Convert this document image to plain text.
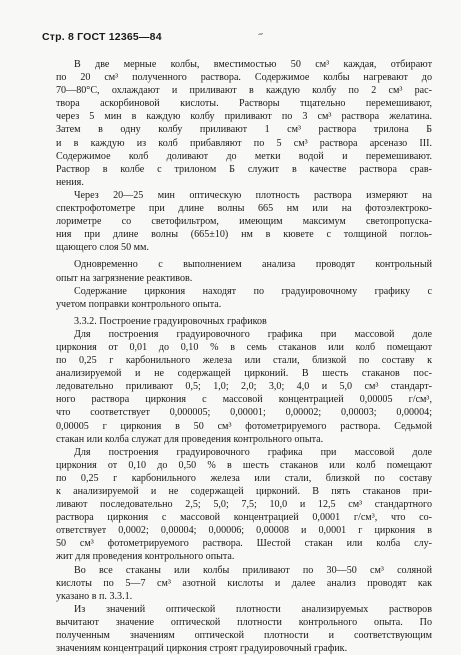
Стр. 8 ГОСТ 12365—84	~
В две мерные колбы, вместимостью 50 см³ каждая, отбирают
по 20 см³ полученного раствора. Содержимое колбы нагревают до
70—80°С, охлаждают и приливают в каждую колбу по 2 см³ рас-
твора аскорбиновой кислоты. Растворы тщательно перемешивают,
через 5 мин в каждую колбу приливают по 3 см³ раствора желатина.
Затем в одну колбу приливают 1 см³ раствора трилона Б
и в каждую из колб прибавляют по 5 см³ раствора арсеназо III.
Содержимое колб доливают до метки водой и перемешивают.
Раствор в колбе с трилоном Б служит в качестве раствора срав-
нения.
Через 20—25 мин оптическую плотность раствора измеряют на
спектрофотометре при длине волны 665 нм или на фотоэлектроко-
лориметре со светофильтром, имеющим максимум светопропуска-
ния при длине волны (665±10) нм в кювете с толщиной поглоь-
щающего слоя 50 мм.
Одновременно с выполнением анализа проводят контрольный
опыт на загрязнение реактивов.
Содержание циркония находят по градуировочному графику с
учетом поправки контрольного опыта.
3.3.2. Построение градуировочных графиков
Для построения градуировочного графика при массовой доле
циркония от 0,01 до 0,10 % в семь стаканов или колб помещают
по 0,25 г карбонильного железа или стали, близкой по составу к
анализируемой и не содержащей цирконий. В шесть стаканов пос-
ледовательно приливают 0,5; 1,0; 2,0; 3,0; 4,0 и 5,0 см³ стандарт-
ного раствора циркония с массовой концентрацией 0,00005 г/см³,
что соответствует 0,000005; 0,00001; 0,00002; 0,00003; 0,00004;
0,00005 г циркония в 50 см³ фотометрируемого раствора. Седьмой
стакан или колба служат для проведения контрольного опыта.
Для построения градуировочного графика при массовой доле
циркония от 0,10 до 0,50 % в шесть стаканов или колб помещают
по 0,25 г карбонильного железа или стали, близкой по составу
к анализируемой и не содержащей цирконий. В пять стаканов при-
ливают последовательно 2,5; 5,0; 7,5; 10,0 и 12,5 см³ стандартного
раствора циркония с массовой концентрацией 0,0001 г/см³, что со-
ответствует 0,0002; 0,00004; 0,00006; 0,00008 и 0,0001 г циркония в
50 см³ фотометрируемого раствора. Шестой стакан или колба слу-
жит для проведения контрольного опыта.
Во все стаканы или колбы приливают по 30—50 см³ соляной
кислоты по 5—7 см³ азотной кислоты и далее анализ проводят как
указано в п. 3.3.1.
Из значений оптической плотности анализируемых растворов
вычитают значение оптической плотности контрольного опыта. По
полученным значениям оптической плотности и соответствующим
значениям концентраций циркония строят градуировочный график.
